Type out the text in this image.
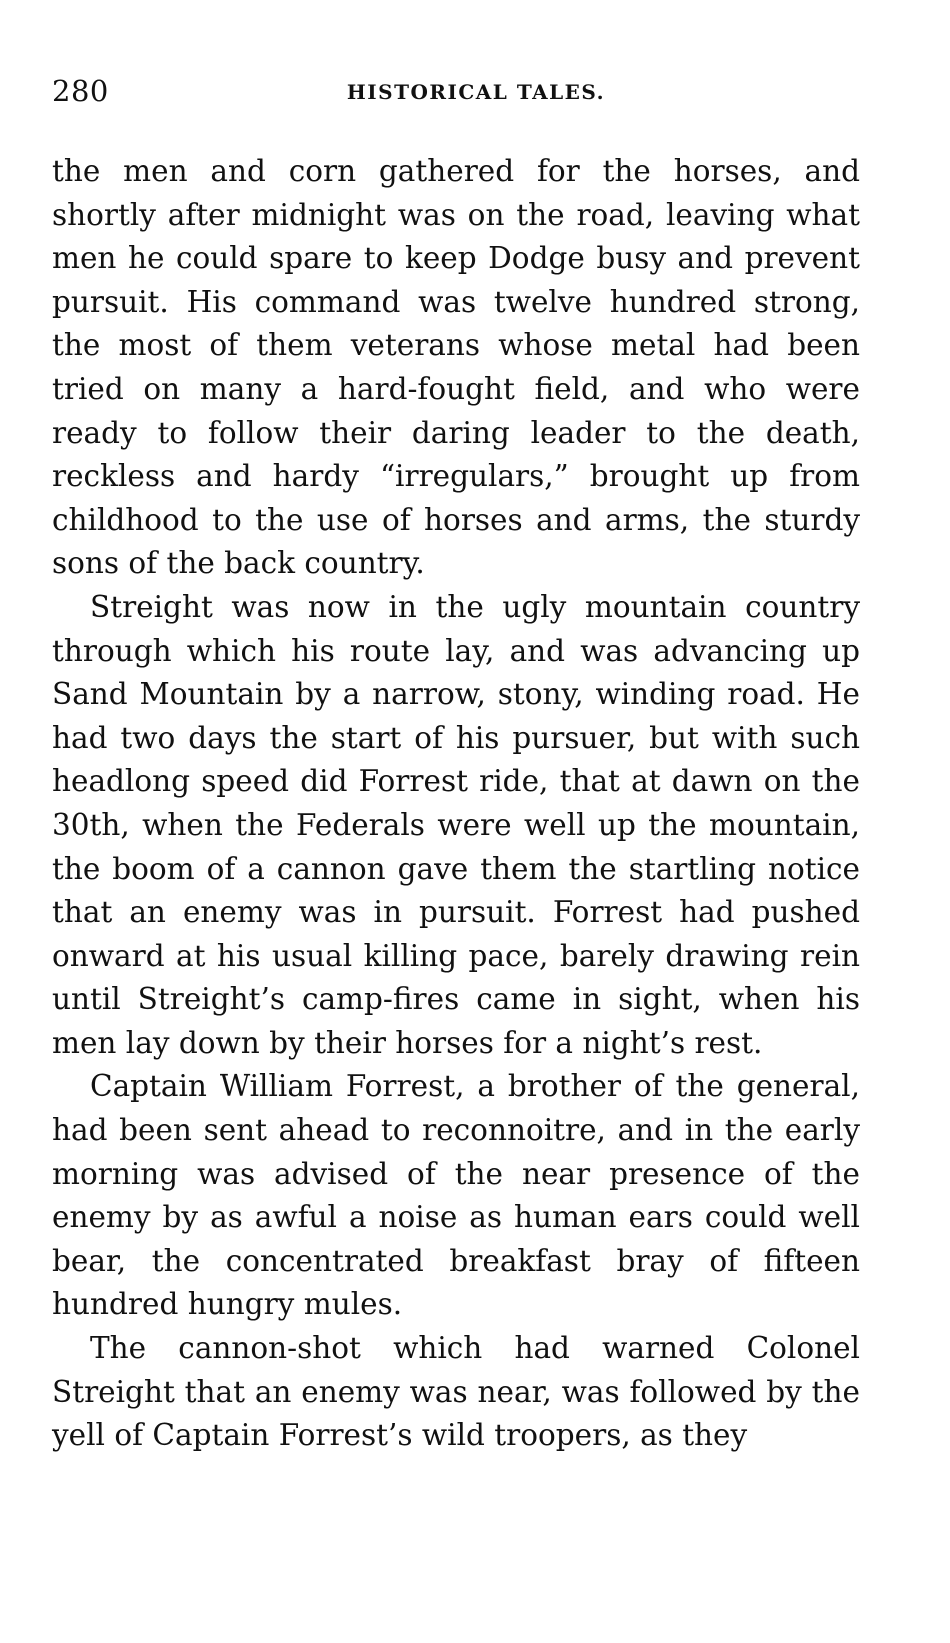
280	HISTORICAL TALES.

the men and corn gathered for the horses, and shortly after midnight was on the road, leaving what men he could spare to keep Dodge busy and prevent pursuit. His command was twelve hundred strong, the most of them veterans whose metal had been tried on many a hard-fought field, and who were ready to follow their daring leader to the death, reckless and hardy “irregulars,” brought up from childhood to the use of horses and arms, the sturdy sons of the back country.

Streight was now in the ugly mountain country through which his route lay, and was advancing up Sand Mountain by a narrow, stony, winding road. He had two days the start of his pursuer, but with such headlong speed did Forrest ride, that at dawn on the 30th, when the Federals were well up the mountain, the boom of a cannon gave them the startling notice that an enemy was in pursuit. Forrest had pushed onward at his usual killing pace, barely drawing rein until Streight’s camp-fires came in sight, when his men lay down by their horses for a night’s rest.

Captain William Forrest, a brother of the general, had been sent ahead to reconnoitre, and in the early morning was advised of the near presence of the enemy by as awful a noise as human ears could well bear, the concentrated breakfast bray of fifteen hundred hungry mules.

The cannon-shot which had warned Colonel Streight that an enemy was near, was followed by the yell of Captain Forrest’s wild troopers, as they
